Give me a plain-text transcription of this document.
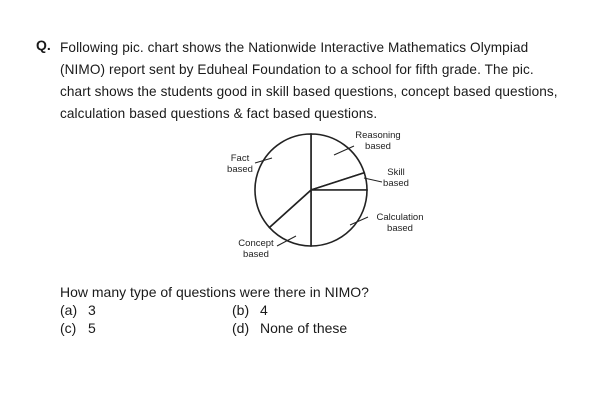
Q. Following pic. chart shows the Nationwide Interactive Mathematics Olympiad
(NIMO) report sent by Eduheal Foundation to a school for fifth grade. The pic.
chart shows the students good in skill based questions, concept based questions,
calculation based questions & fact based questions.
Reasoning based
Skill based
Calculation based
Concept based
Fact based
How many type of questions were there in NIMO?
(a) 3	(b) 4
(c) 5	(d) None of these
